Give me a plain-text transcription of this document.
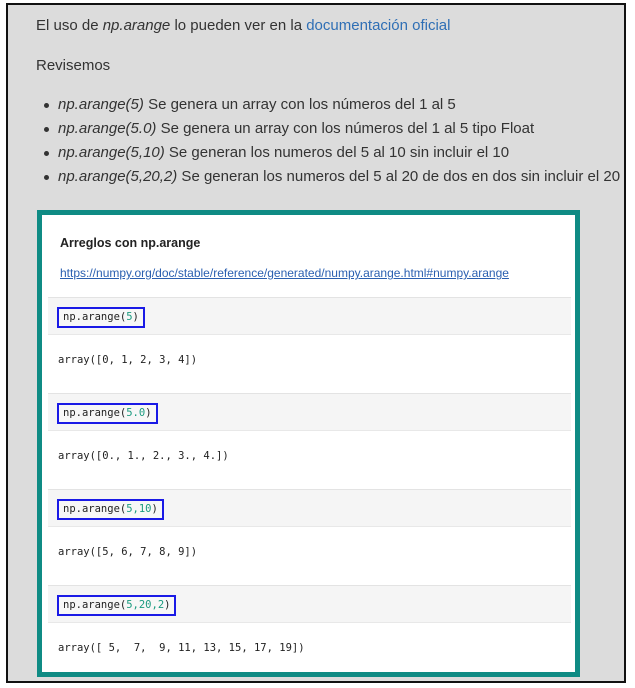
El uso de np.arange lo pueden ver en la documentación oficial
Revisemos
np.arange(5) Se genera un array con los números del 1 al 5
np.arange(5.0) Se genera un array con los números del 1 al 5 tipo Float
np.arange(5,10) Se generan los numeros del 5 al 10 sin incluir el 10
np.arange(5,20,2) Se generan los numeros del 5 al 20 de dos en dos sin incluir el 20
Arreglos con np.arange
https://numpy.org/doc/stable/reference/generated/numpy.arange.html#numpy.arange
np.arange(5)
array([0, 1, 2, 3, 4])
np.arange(5.0)
array([0., 1., 2., 3., 4.])
np.arange(5,10)
array([5, 6, 7, 8, 9])
np.arange(5,20,2)
array([ 5,  7,  9, 11, 13, 15, 17, 19])
